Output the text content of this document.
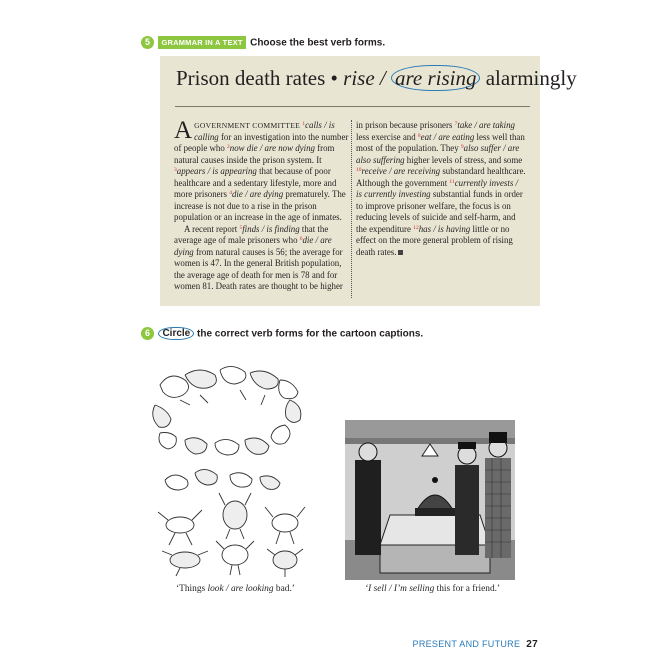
5 GRAMMAR IN A TEXT Choose the best verb forms.
Prison death rates • rise / are rising alarmingly

AGOVERNMENT COMMITTEE $^1$calls / is calling for an investigation into the number of people who $^2$now die / are now dying from natural causes inside the prison system. It $^3$appears / is appearing that because of poor healthcare and a sedentary lifestyle, more and more prisoners $^4$die / are dying prematurely. The increase is not due to a rise in the prison population or an increase in the age of inmates.

A recent report $^5$finds / is finding that the average age of male prisoners who $^6$die / are dying from natural causes is 56; the average for women is 47. In the general British population, the average age of death for men is 78 and for women 81. Death rates are thought to be higher

in prison because prisoners $^7$take / are taking less exercise and $^8$eat / are eating less well than most of the population. They $^9$also suffer / are also suffering higher levels of stress, and some $^{10}$receive / are receiving substandard healthcare. Although the government $^{11}$currently invests / is currently investing substantial funds in order to improve prisoner welfare, the focus is on reducing levels of suicide and self-harm, and the expenditure $^{12}$has / is having little or no effect on the more general problem of rising death rates.

6 Circle the correct verb forms for the cartoon captions.
‘Things look / are looking bad.’	‘I sell / I’m selling this for a friend.’
PRESENT AND FUTURE 27
